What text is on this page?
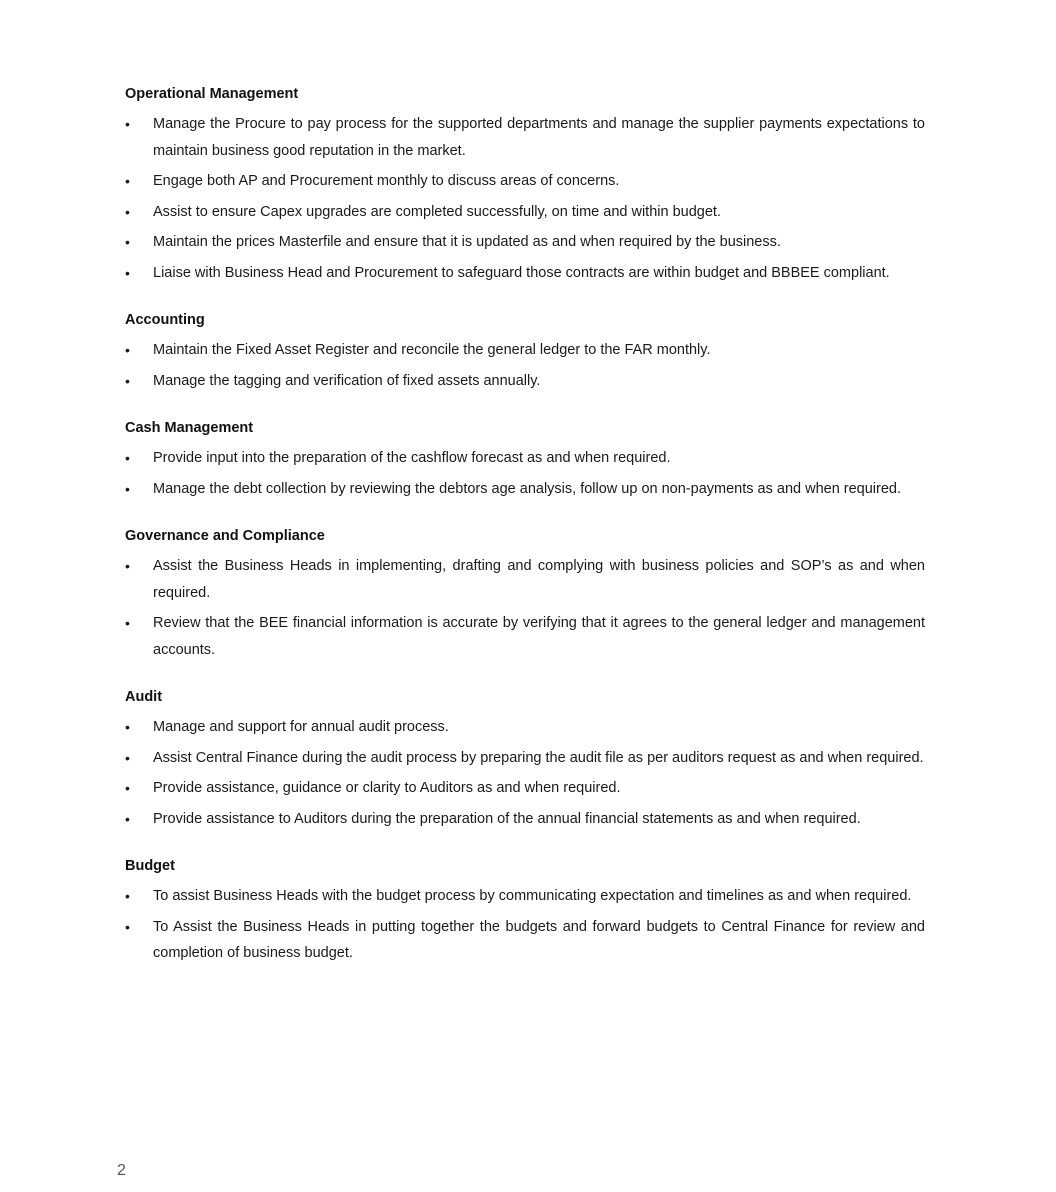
Operational Management
•	Manage the Procure to pay process for the supported departments and manage the supplier payments expectations to maintain business good reputation in the market.
•	Engage both AP and Procurement monthly to discuss areas of concerns.
•	Assist to ensure Capex upgrades are completed successfully, on time and within budget.
•	Maintain the prices Masterfile and ensure that it is updated as and when required by the business.
•	Liaise with Business Head and Procurement to safeguard those contracts are within budget and BBBEE compliant.
Accounting
•	Maintain the Fixed Asset Register and reconcile the general ledger to the FAR monthly.
•	Manage the tagging and verification of fixed assets annually.
Cash Management
•	Provide input into the preparation of the cashflow forecast as and when required.
•	Manage the debt collection by reviewing the debtors age analysis, follow up on non-payments as and when required.
Governance and Compliance
•	Assist the Business Heads in implementing, drafting and complying with business policies and SOP’s as and when required.
•	Review that the BEE financial information is accurate by verifying that it agrees to the general ledger and management accounts.
Audit
•	Manage and support for annual audit process.
•	Assist Central Finance during the audit process by preparing the audit file as per auditors request as and when required.
•	Provide assistance, guidance or clarity to Auditors as and when required.
•	Provide assistance to Auditors during the preparation of the annual financial statements as and when required.
Budget
•	To assist Business Heads with the budget process by communicating expectation and timelines as and when required.
•	To Assist the Business Heads in putting together the budgets and forward budgets to Central Finance for review and completion of business budget.
2
